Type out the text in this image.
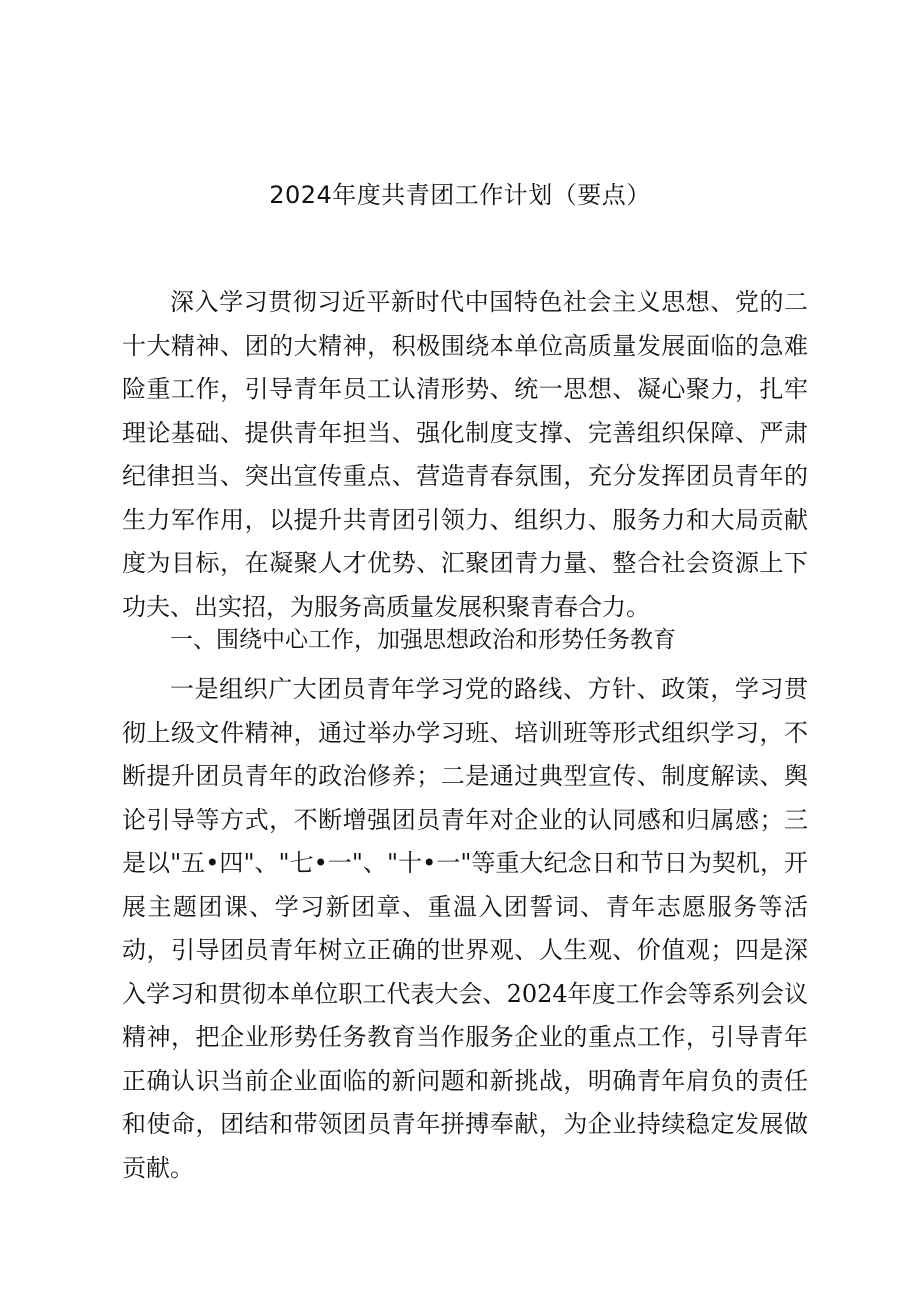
2024年度共青团工作计划（要点）

深入学习贯彻习近平新时代中国特色社会主义思想、党的二十大精神、团的大精神，积极围绕本单位高质量发展面临的急难险重工作，引导青年员工认清形势、统一思想、凝心聚力，扎牢理论基础、提供青年担当、强化制度支撑、完善组织保障、严肃纪律担当、突出宣传重点、营造青春氛围，充分发挥团员青年的生力军作用，以提升共青团引领力、组织力、服务力和大局贡献度为目标，在凝聚人才优势、汇聚团青力量、整合社会资源上下功夫、出实招，为服务高质量发展积聚青春合力。

一、围绕中心工作，加强思想政治和形势任务教育

一是组织广大团员青年学习党的路线、方针、政策，学习贯彻上级文件精神，通过举办学习班、培训班等形式组织学习，不断提升团员青年的政治修养；二是通过典型宣传、制度解读、舆论引导等方式，不断增强团员青年对企业的认同感和归属感；三是以"五•四"、"七•一"、"十•一"等重大纪念日和节日为契机，开展主题团课、学习新团章、重温入团誓词、青年志愿服务等活动，引导团员青年树立正确的世界观、人生观、价值观；四是深入学习和贯彻本单位职工代表大会、2024年度工作会等系列会议精神，把企业形势任务教育当作服务企业的重点工作，引导青年正确认识当前企业面临的新问题和新挑战，明确青年肩负的责任和使命，团结和带领团员青年拼搏奉献，为企业持续稳定发展做贡献。
